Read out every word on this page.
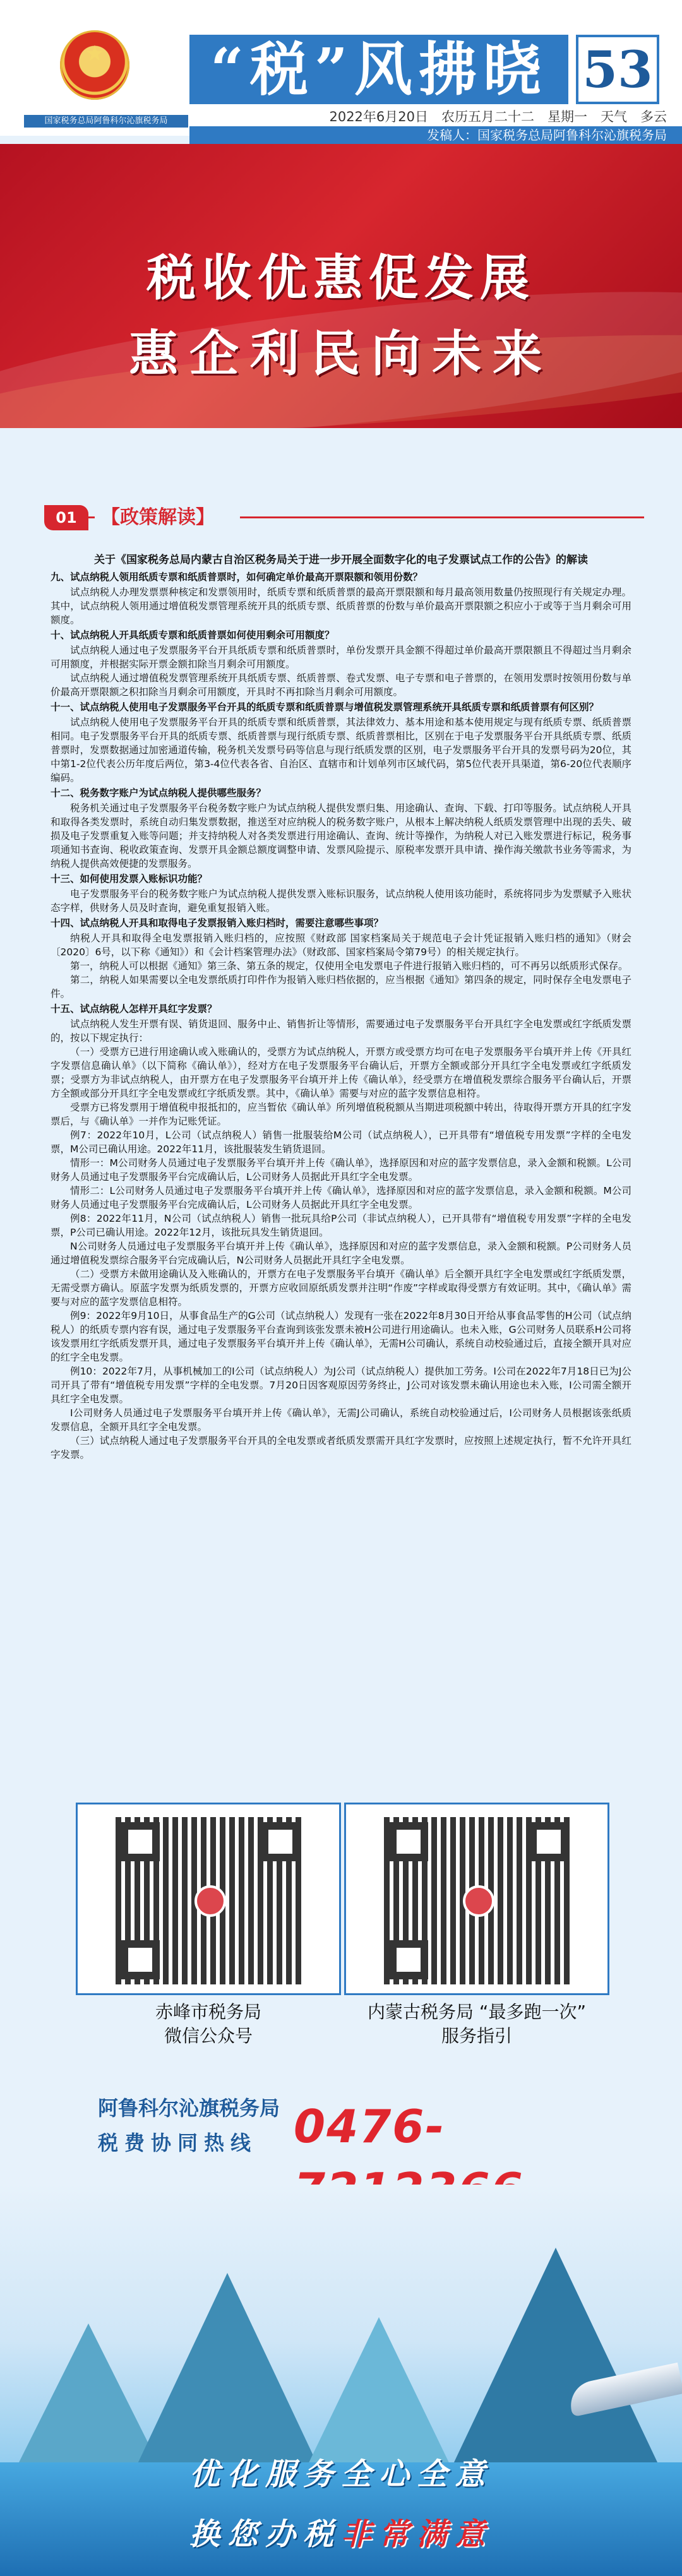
★
国家税务总局阿鲁科尔沁旗税务局
“税”风拂晓 53
2022年6月20日　农历五月二十二　星期一　天气　多云
发稿人：国家税务总局阿鲁科尔沁旗税务局
税收优惠促发展
惠企利民向未来
01	【政策解读】
关于《国家税务总局内蒙古自治区税务局关于进一步开展全面数字化的电子发票试点工作的公告》的解读
九、试点纳税人领用纸质专票和纸质普票时，如何确定单价最高开票限额和领用份数？

试点纳税人办理发票票种核定和发票领用时，纸质专票和纸质普票的最高开票限额和每月最高领用数量仍按照现行有关规定办理。其中，试点纳税人领用通过增值税发票管理系统开具的纸质专票、纸质普票的份数与单价最高开票限额之积应小于或等于当月剩余可用额度。

十、试点纳税人开具纸质专票和纸质普票如何使用剩余可用额度？

试点纳税人通过电子发票服务平台开具纸质专票和纸质普票时，单份发票开具金额不得超过单价最高开票限额且不得超过当月剩余可用额度，并根据实际开票金额扣除当月剩余可用额度。

试点纳税人通过增值税发票管理系统开具纸质专票、纸质普票、卷式发票、电子专票和电子普票的，在领用发票时按领用份数与单价最高开票限额之积扣除当月剩余可用额度，开具时不再扣除当月剩余可用额度。

十一、试点纳税人使用电子发票服务平台开具的纸质专票和纸质普票与增值税发票管理系统开具纸质专票和纸质普票有何区别？

试点纳税人使用电子发票服务平台开具的纸质专票和纸质普票，其法律效力、基本用途和基本使用规定与现有纸质专票、纸质普票相同。电子发票服务平台开具的纸质专票、纸质普票与现行纸质专票、纸质普票相比，区别在于电子发票服务平台开具纸质专票、纸质普票时，发票数据通过加密通道传输，税务机关发票号码等信息与现行纸质发票的区别，电子发票服务平台开具的发票号码为20位，其中第1-2位代表公历年度后两位，第3-4位代表各省、自治区、直辖市和计划单列市区域代码，第5位代表开具渠道，第6-20位代表顺序编码。

十二、税务数字账户为试点纳税人提供哪些服务？

税务机关通过电子发票服务平台税务数字账户为试点纳税人提供发票归集、用途确认、查询、下载、打印等服务。试点纳税人开具和取得各类发票时，系统自动归集发票数据，推送至对应纳税人的税务数字账户，从根本上解决纳税人纸质发票管理中出现的丢失、破损及电子发票重复入账等问题；并支持纳税人对各类发票进行用途确认、查询、统计等操作，为纳税人对已入账发票进行标记，税务事项通知书查询、税收政策查询、发票开具金额总额度调整申请、发票风险提示、原税率发票开具申请、操作海关缴款书业务等需求，为纳税人提供高效便捷的发票服务。

十三、如何使用发票入账标识功能？

电子发票服务平台的税务数字账户为试点纳税人提供发票入账标识服务，试点纳税人使用该功能时，系统将同步为发票赋予入账状态字样，供财务人员及时查询，避免重复报销入账。

十四、试点纳税人开具和取得电子发票报销入账归档时，需要注意哪些事项？

纳税人开具和取得全电发票报销入账归档的，应按照《财政部 国家档案局关于规范电子会计凭证报销入账归档的通知》（财会〔2020〕6号，以下称《通知》）和《会计档案管理办法》（财政部、国家档案局令第79号）的相关规定执行。

第一，纳税人可以根据《通知》第三条、第五条的规定，仅使用全电发票电子件进行报销入账归档的，可不再另以纸质形式保存。

第二，纳税人如果需要以全电发票纸质打印件作为报销入账归档依据的，应当根据《通知》第四条的规定，同时保存全电发票电子件。

十五、试点纳税人怎样开具红字发票？

试点纳税人发生开票有误、销货退回、服务中止、销售折让等情形，需要通过电子发票服务平台开具红字全电发票或红字纸质发票的，按以下规定执行：

（一）受票方已进行用途确认或入账确认的，受票方为试点纳税人，开票方或受票方均可在电子发票服务平台填开并上传《开具红字发票信息确认单》（以下简称《确认单》），经对方在电子发票服务平台确认后，开票方全额或部分开具红字全电发票或红字纸质发票；受票方为非试点纳税人，由开票方在电子发票服务平台填开并上传《确认单》，经受票方在增值税发票综合服务平台确认后，开票方全额或部分开具红字全电发票或红字纸质发票。其中，《确认单》需要与对应的蓝字发票信息相符。

受票方已将发票用于增值税申报抵扣的，应当暂依《确认单》所列增值税税额从当期进项税额中转出，待取得开票方开具的红字发票后，与《确认单》一并作为记账凭证。

例7：2022年10月，L公司（试点纳税人）销售一批服装给M公司（试点纳税人），已开具带有“增值税专用发票”字样的全电发票，M公司已确认用途。2022年11月，该批服装发生销货退回。

情形一：M公司财务人员通过电子发票服务平台填开并上传《确认单》，选择原因和对应的蓝字发票信息，录入金额和税额。L公司财务人员通过电子发票服务平台完成确认后，L公司财务人员据此开具红字全电发票。

情形二：L公司财务人员通过电子发票服务平台填开并上传《确认单》，选择原因和对应的蓝字发票信息，录入金额和税额。M公司财务人员通过电子发票服务平台完成确认后，L公司财务人员据此开具红字全电发票。

例8：2022年11月，N公司（试点纳税人）销售一批玩具给P公司（非试点纳税人），已开具带有“增值税专用发票”字样的全电发票，P公司已确认用途。2022年12月，该批玩具发生销货退回。

N公司财务人员通过电子发票服务平台填开并上传《确认单》，选择原因和对应的蓝字发票信息，录入金额和税额。P公司财务人员通过增值税发票综合服务平台完成确认后，N公司财务人员据此开具红字全电发票。

（二）受票方未做用途确认及入账确认的，开票方在电子发票服务平台填开《确认单》后全额开具红字全电发票或红字纸质发票，无需受票方确认。原蓝字发票为纸质发票的，开票方应收回原纸质发票并注明“作废”字样或取得受票方有效证明。其中，《确认单》需要与对应的蓝字发票信息相符。

例9：2022年9月10日，从事食品生产的G公司（试点纳税人）发现有一张在2022年8月30日开给从事食品零售的H公司（试点纳税人）的纸质专票内容有误，通过电子发票服务平台查询到该张发票未被H公司进行用途确认。也未入账，G公司财务人员联系H公司将该发票用红字纸质发票开具，通过电子发票服务平台填开并上传《确认单》，无需H公司确认，系统自动校验通过后，直接全额开具对应的红字全电发票。

例10：2022年7月，从事机械加工的I公司（试点纳税人）为J公司（试点纳税人）提供加工劳务。I公司在2022年7月18日已为J公司开具了带有“增值税专用发票”字样的全电发票。7月20日因客观原因劳务终止，J公司对该发票未确认用途也未入账，I公司需全额开具红字全电发票。

I公司财务人员通过电子发票服务平台填开并上传《确认单》，无需J公司确认，系统自动校验通过后，I公司财务人员根据该张纸质发票信息，全额开具红字全电发票。

（三）试点纳税人通过电子发票服务平台开具的全电发票或者纸质发票需开具红字发票时，应按照上述规定执行，暂不允许开具红字发票。

赤峰市税务局
微信公众号
内蒙古税务局 “最多跑一次”
服务指引
阿鲁科尔沁旗税务局
税费协同热线 0476-
优化服务全心全意
换您办税非常满意
